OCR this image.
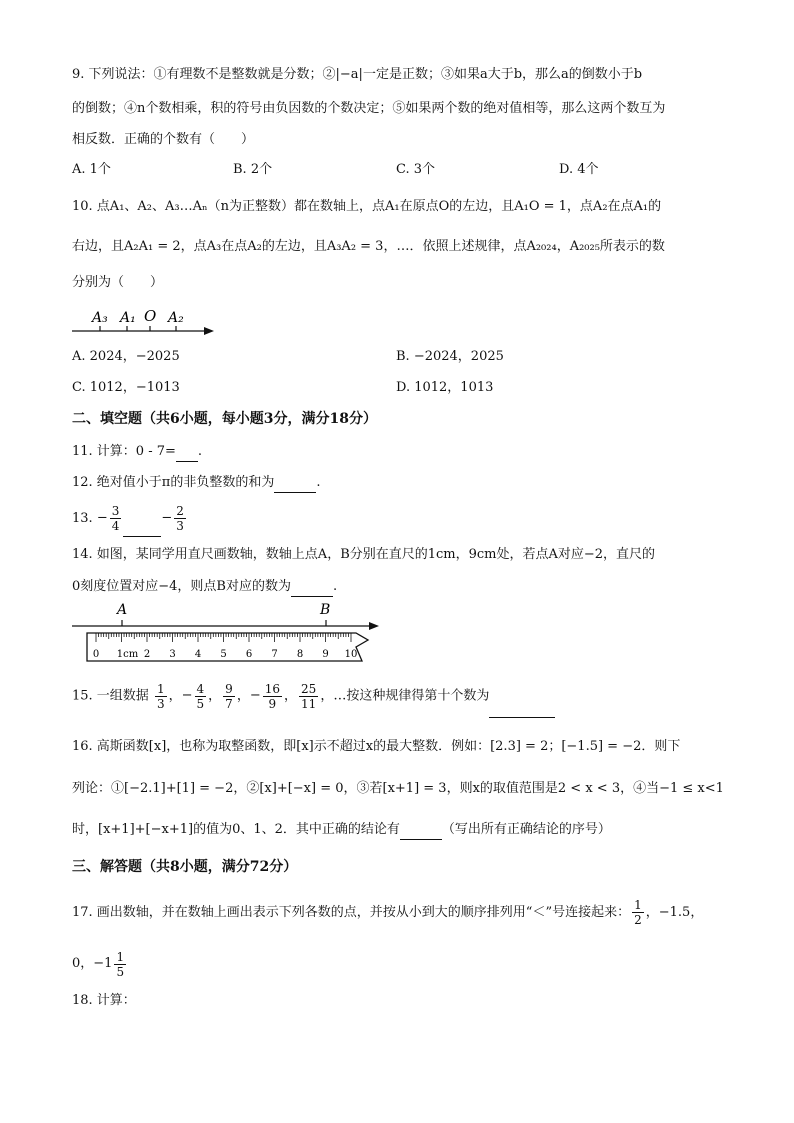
9. 下列说法：①有理数不是整数就是分数；②|−a|一定是正数；③如果a大于b，那么a的倒数小于b
的倒数；④n个数相乘，积的符号由负因数的个数决定；⑤如果两个数的绝对值相等，那么这两个数互为
相反数．正确的个数有（　　）
A. 1个	B. 2个	C. 3个	D. 4个
10. 点A₁、A₂、A₃…Aₙ（n为正整数）都在数轴上，点A₁在原点O的左边，且A₁O = 1，点A₂在点A₁的
右边，且A₂A₁ = 2，点A₃在点A₂的左边，且A₃A₂ = 3，…．依照上述规律，点A₂₀₂₄，A₂₀₂₅所表示的数
分别为（　　）
A₃ A₁ O A₂
A. 2024，−2025	B. −2024，2025
C. 1012，−1013	D. 1012，1013
二、填空题（共6小题，每小题3分，满分18分）
11. 计算：0 - 7= .
12. 绝对值小于π的非负整数的和为	.
13. − $\frac{3}{4}$	− $\frac{2}{3}$
14. 如图，某同学用直尺画数轴，数轴上点A，B分别在直尺的1cm，9cm处，若点A对应−2，直尺的
0刻度位置对应−4，则点B对应的数为	.
A	B
0 1cm 2 3 4 5 6 7 8 9 10
15. 一组数据 $\frac{1}{3}$ ，− $\frac{4}{5}$ ， $\frac{9}{7}$ ，− $\frac{16}{9}$ ， $\frac{25}{11}$ ，…按这种规律得第十个数为
16. 高斯函数[x]，也称为取整函数，即[x]示不超过x的最大整数．例如：[2.3] = 2；[−1.5] = −2．则下
列论：①[−2.1]+[1] = −2，②[x]+[−x] = 0，③若[x+1] = 3，则x的取值范围是2 < x < 3，④当−1 ≤ x<1
时，[x+1]+[−x+1]的值为0、1、2．其中正确的结论有	（写出所有正确结论的序号）
三、解答题（共8小题，满分72分）
17. 画出数轴，并在数轴上画出表示下列各数的点，并按从小到大的顺序排列用“＜”号连接起来： $\frac{1}{2}$ ，−1.5，
0，$-1 \frac{1}{5}$
18. 计算：
